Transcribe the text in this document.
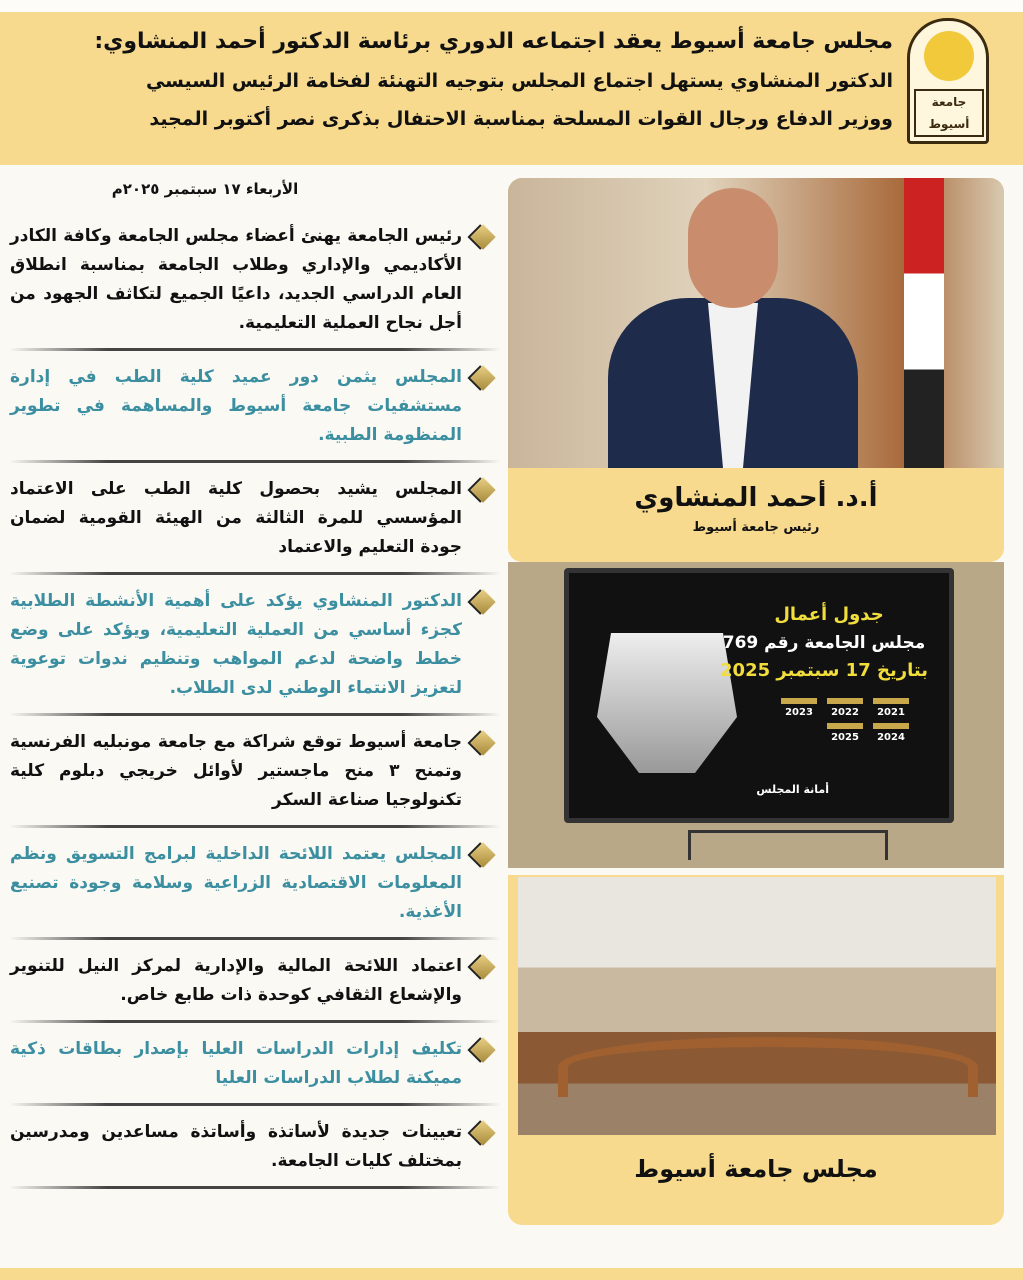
جامعة أسيوط
مجلس جامعة أسيوط يعقد اجتماعه الدوري برئاسة الدكتور أحمد المنشاوي:
الدكتور المنشاوي يستهل اجتماع المجلس بتوجيه التهنئة لفخامة الرئيس السيسي
ووزير الدفاع ورجال القوات المسلحة بمناسبة الاحتفال بذكرى نصر أكتوبر المجيد
الأربعاء ١٧ سبتمبر ٢٠٢٥م

رئيس الجامعة يهنئ أعضاء مجلس الجامعة وكافة الكادر الأكاديمي والإداري وطلاب الجامعة بمناسبة انطلاق العام الدراسي الجديد، داعيًا الجميع لتكاثف الجهود من أجل نجاح العملية التعليمية.

المجلس يثمن دور عميد كلية الطب في إدارة مستشفيات جامعة أسيوط والمساهمة في تطوير المنظومة الطبية.

المجلس يشيد بحصول كلية الطب على الاعتماد المؤسسي للمرة الثالثة من الهيئة القومية لضمان جودة التعليم والاعتماد

الدكتور المنشاوي يؤكد على أهمية الأنشطة الطلابية كجزء أساسي من العملية التعليمية، ويؤكد على وضع خطط واضحة لدعم المواهب وتنظيم ندوات توعوية لتعزيز الانتماء الوطني لدى الطلاب.

جامعة أسيوط توقع شراكة مع جامعة مونبليه الفرنسية وتمنح ٣ منح ماجستير لأوائل خريجي دبلوم كلية تكنولوجيا صناعة السكر

المجلس يعتمد اللائحة الداخلية لبرامج التسويق ونظم المعلومات الاقتصادية الزراعية وسلامة وجودة تصنيع الأغذية.

اعتماد اللائحة المالية والإدارية لمركز النيل للتنوير والإشعاع الثقافي كوحدة ذات طابع خاص.

تكليف إدارات الدراسات العليا بإصدار بطاقات ذكية مميكنة لطلاب الدراسات العليا

تعيينات جديدة لأساتذة وأساتذة مساعدين ومدرسين بمختلف كليات الجامعة.

أ.د. أحمد المنشاوي
رئيس جامعة أسيوط
جدول أعمال
مجلس الجامعة رقم 769
بتاريخ 17 سبتمبر 2025
2021
2022
2023
2024
2025
أمانة المجلس
مجلس جامعة أسيوط
